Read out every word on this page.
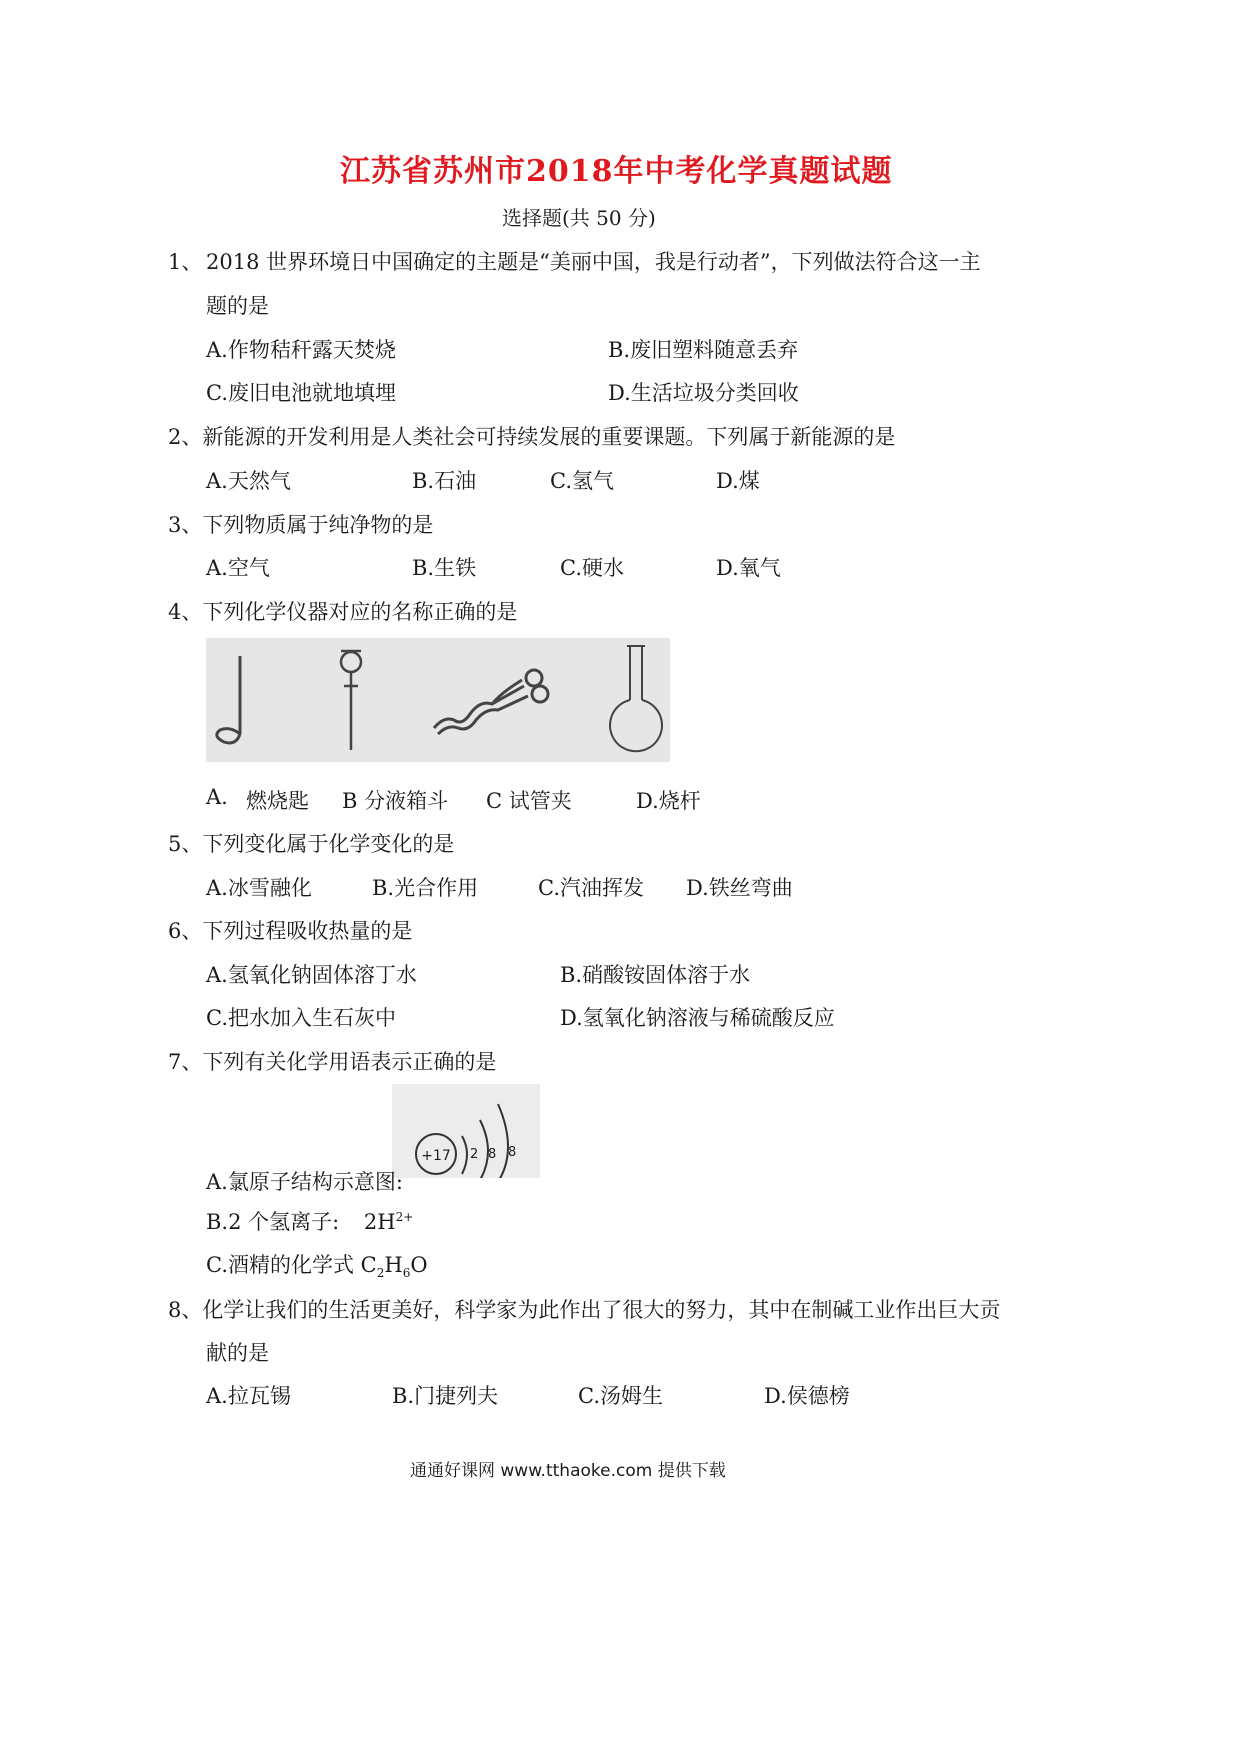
江苏省苏州市2018年中考化学真题试题
选择题(共 50 分)
1、 2018 世界环境日中国确定的主题是“美丽中国，我是行动者”，下列做法符合这一主
题的是
A.作物秸秆露天焚烧	B.废旧塑料随意丢弃
C.废旧电池就地填埋	D.生活垃圾分类回收
2、新能源的开发利用是人类社会可持续发展的重要课题。下列属于新能源的是
A.天然气	B.石油	C.氢气	D.煤
3、下列物质属于纯净物的是
A.空气	B.生铁	C.硬水	D.氧气
4、下列化学仪器对应的名称正确的是
A. 燃烧匙 B 分液箱斗 C 试管夹	D.烧杆
5、下列变化属于化学变化的是
A.冰雪融化	B.光合作用	C.汽油挥发 D.铁丝弯曲
6、下列过程吸收热量的是
A.氢氧化钠固体溶丁水	B.硝酸铵固体溶于水
C.把水加入生石灰中	D.氢氧化钠溶液与稀硫酸反应
7、下列有关化学用语表示正确的是
+17 2 8 8
A.氯原子结构示意图:
B.2 个氢离子: $2H^{2+}$
C.酒精的化学式 $C_2H_6O$
8、化学让我们的生活更美好，科学家为此作出了很大的努力，其中在制碱工业作出巨大贡
献的是
A.拉瓦锡	B.门捷列夫	C.汤姆生	D.侯德榜
通通好课网 www.tthaoke.com 提供下载
